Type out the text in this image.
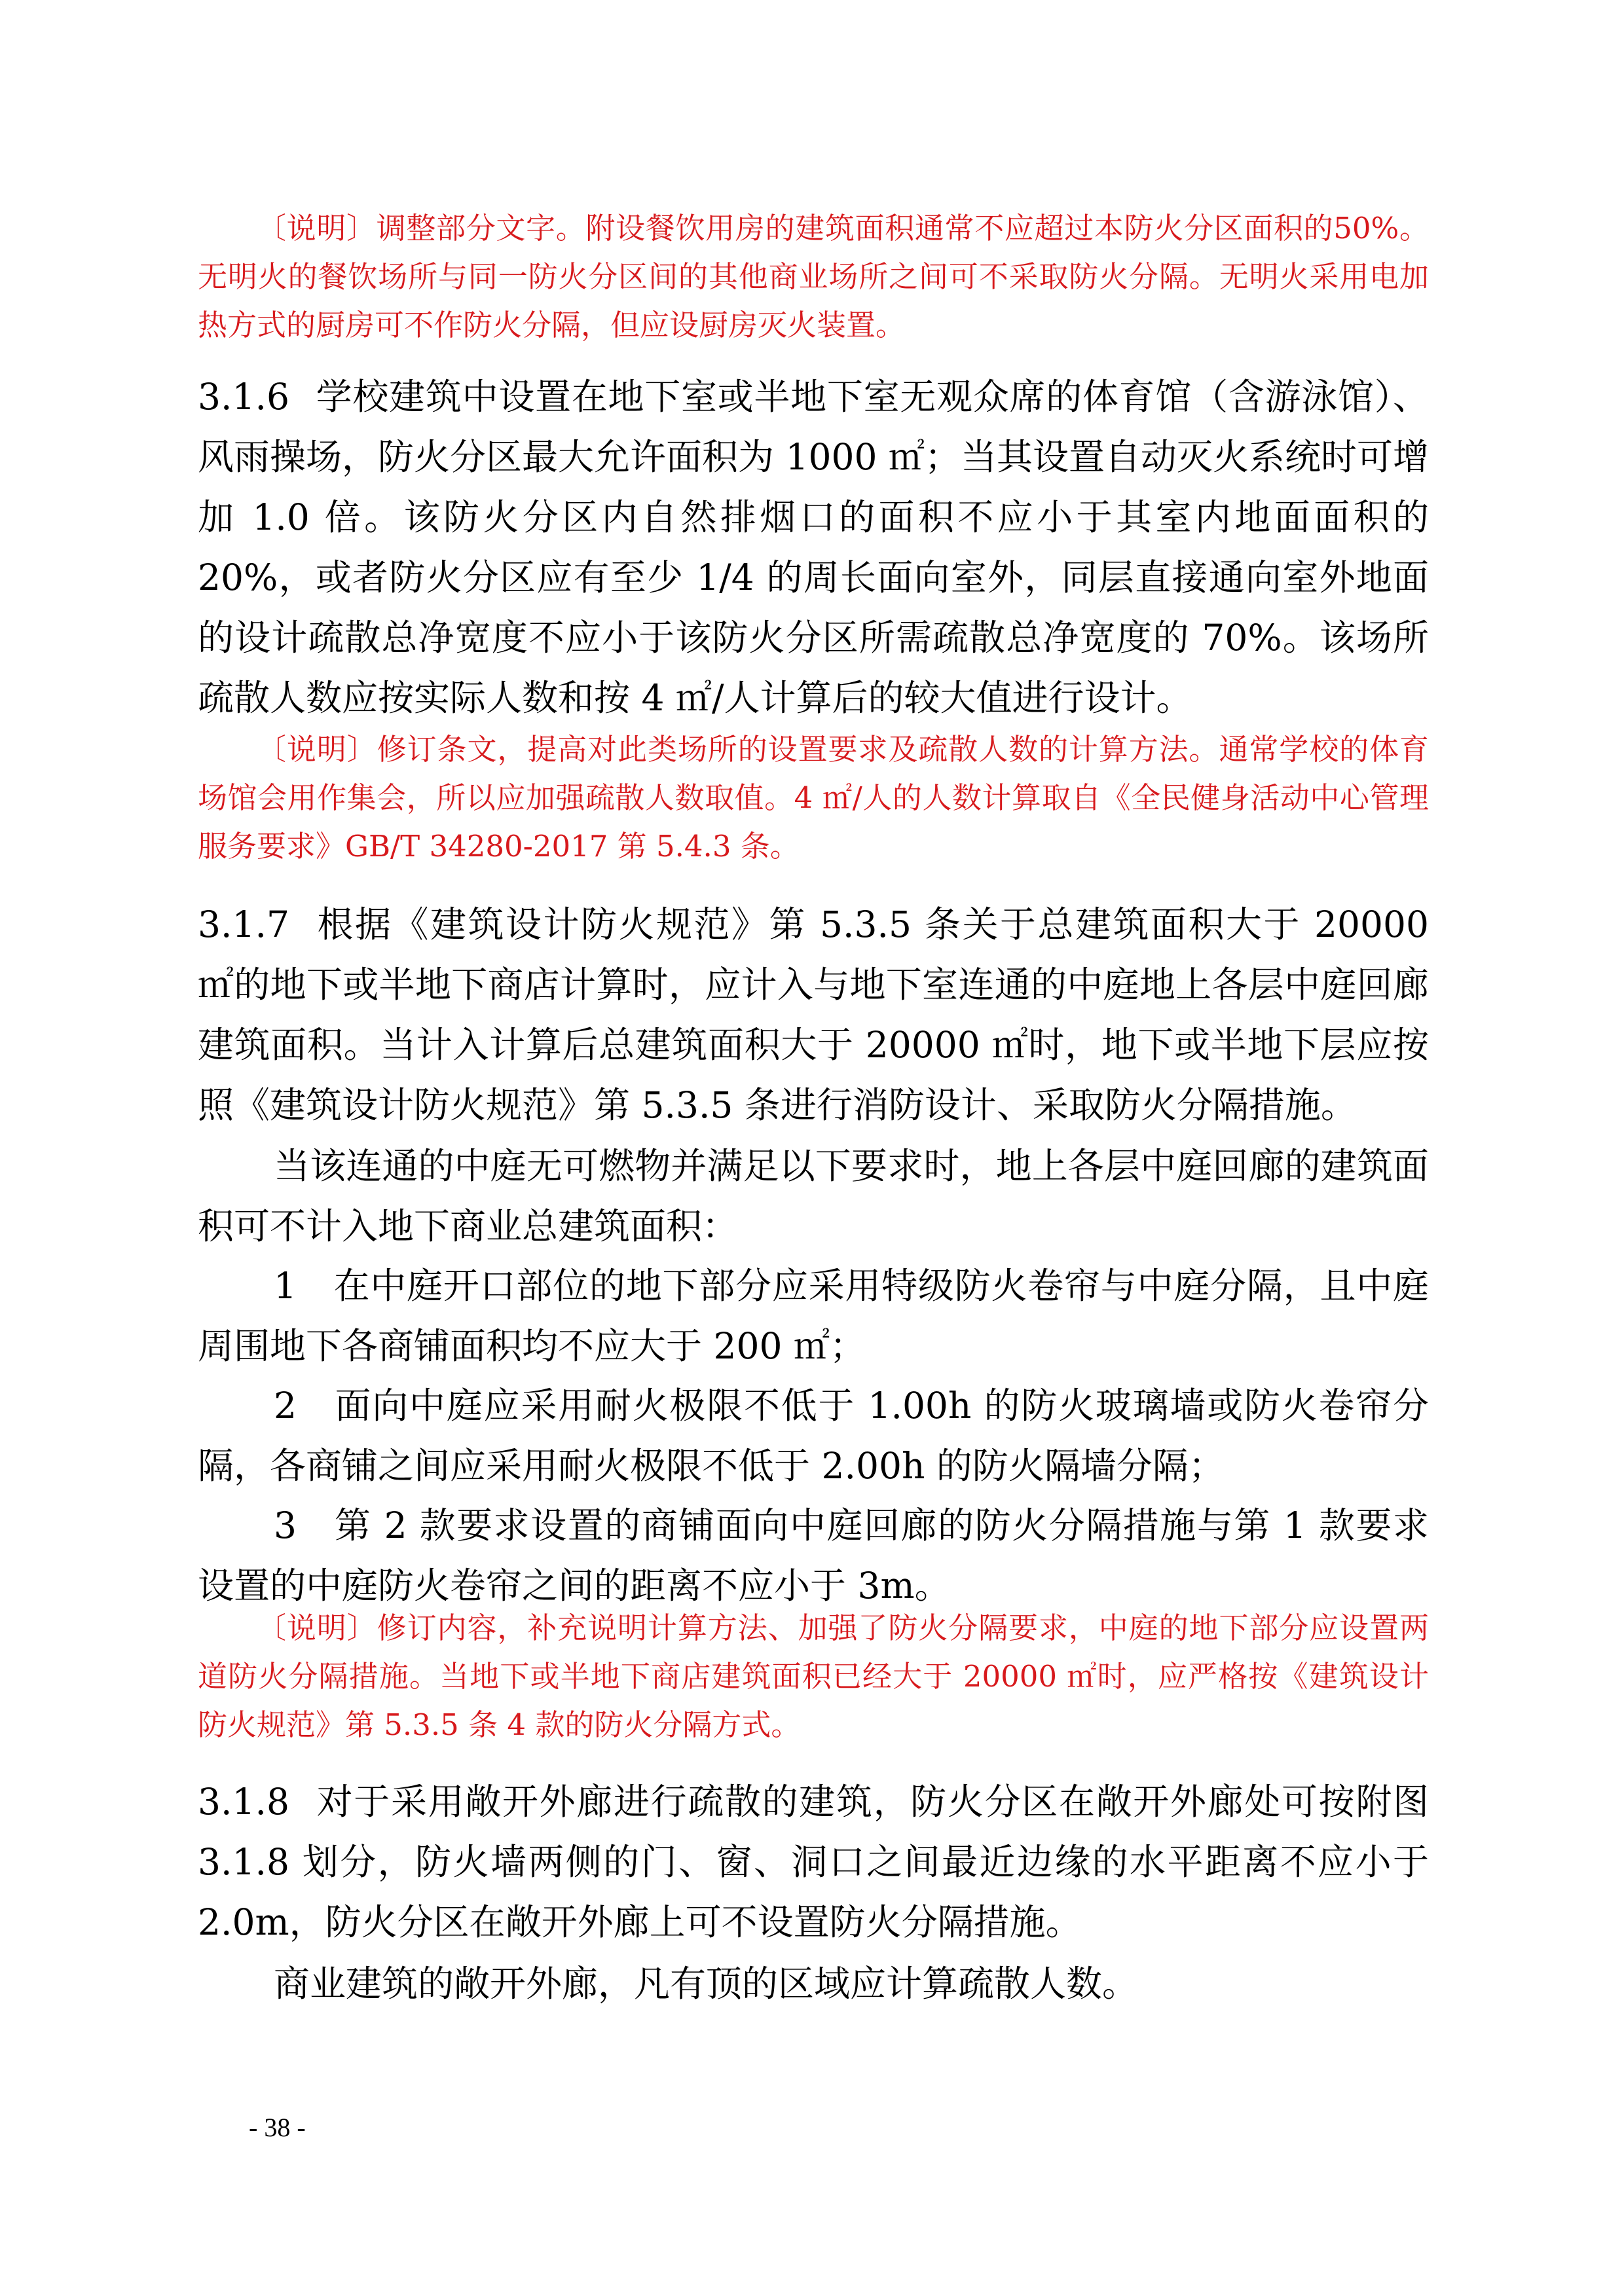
〔说明〕调整部分文字。附设餐饮用房的建筑面积通常不应超过本防火分区面积的50%。无明火的餐饮场所与同一防火分区间的其他商业场所之间可不采取防火分隔。无明火采用电加热方式的厨房可不作防火分隔，但应设厨房灭火装置。

3.1.6 学校建筑中设置在地下室或半地下室无观众席的体育馆（含游泳馆）、风雨操场，防火分区最大允许面积为 1000 ㎡；当其设置自动灭火系统时可增加 1.0 倍。该防火分区内自然排烟口的面积不应小于其室内地面面积的20%，或者防火分区应有至少 1/4 的周长面向室外，同层直接通向室外地面的设计疏散总净宽度不应小于该防火分区所需疏散总净宽度的 70%。该场所疏散人数应按实际人数和按 4 ㎡/人计算后的较大值进行设计。

〔说明〕修订条文，提高对此类场所的设置要求及疏散人数的计算方法。通常学校的体育场馆会用作集会，所以应加强疏散人数取值。4 ㎡/人的人数计算取自《全民健身活动中心管理服务要求》GB/T 34280-2017 第 5.4.3 条。

3.1.7 根据《建筑设计防火规范》第 5.3.5 条关于总建筑面积大于 20000 ㎡的地下或半地下商店计算时，应计入与地下室连通的中庭地上各层中庭回廊建筑面积。当计入计算后总建筑面积大于 20000 ㎡时，地下或半地下层应按照《建筑设计防火规范》第 5.3.5 条进行消防设计、采取防火分隔措施。

当该连通的中庭无可燃物并满足以下要求时，地上各层中庭回廊的建筑面积可不计入地下商业总建筑面积：

1　在中庭开口部位的地下部分应采用特级防火卷帘与中庭分隔，且中庭周围地下各商铺面积均不应大于 200 ㎡；

2　面向中庭应采用耐火极限不低于 1.00h 的防火玻璃墙或防火卷帘分隔，各商铺之间应采用耐火极限不低于 2.00h 的防火隔墙分隔；

3　第 2 款要求设置的商铺面向中庭回廊的防火分隔措施与第 1 款要求设置的中庭防火卷帘之间的距离不应小于 3m。

〔说明〕修订内容，补充说明计算方法、加强了防火分隔要求，中庭的地下部分应设置两道防火分隔措施。当地下或半地下商店建筑面积已经大于 20000 ㎡时，应严格按《建筑设计防火规范》第 5.3.5 条 4 款的防火分隔方式。

3.1.8 对于采用敞开外廊进行疏散的建筑，防火分区在敞开外廊处可按附图 3.1.8 划分，防火墙两侧的门、窗、洞口之间最近边缘的水平距离不应小于 2.0m，防火分区在敞开外廊上可不设置防火分隔措施。

商业建筑的敞开外廊，凡有顶的区域应计算疏散人数。

- 38 -
